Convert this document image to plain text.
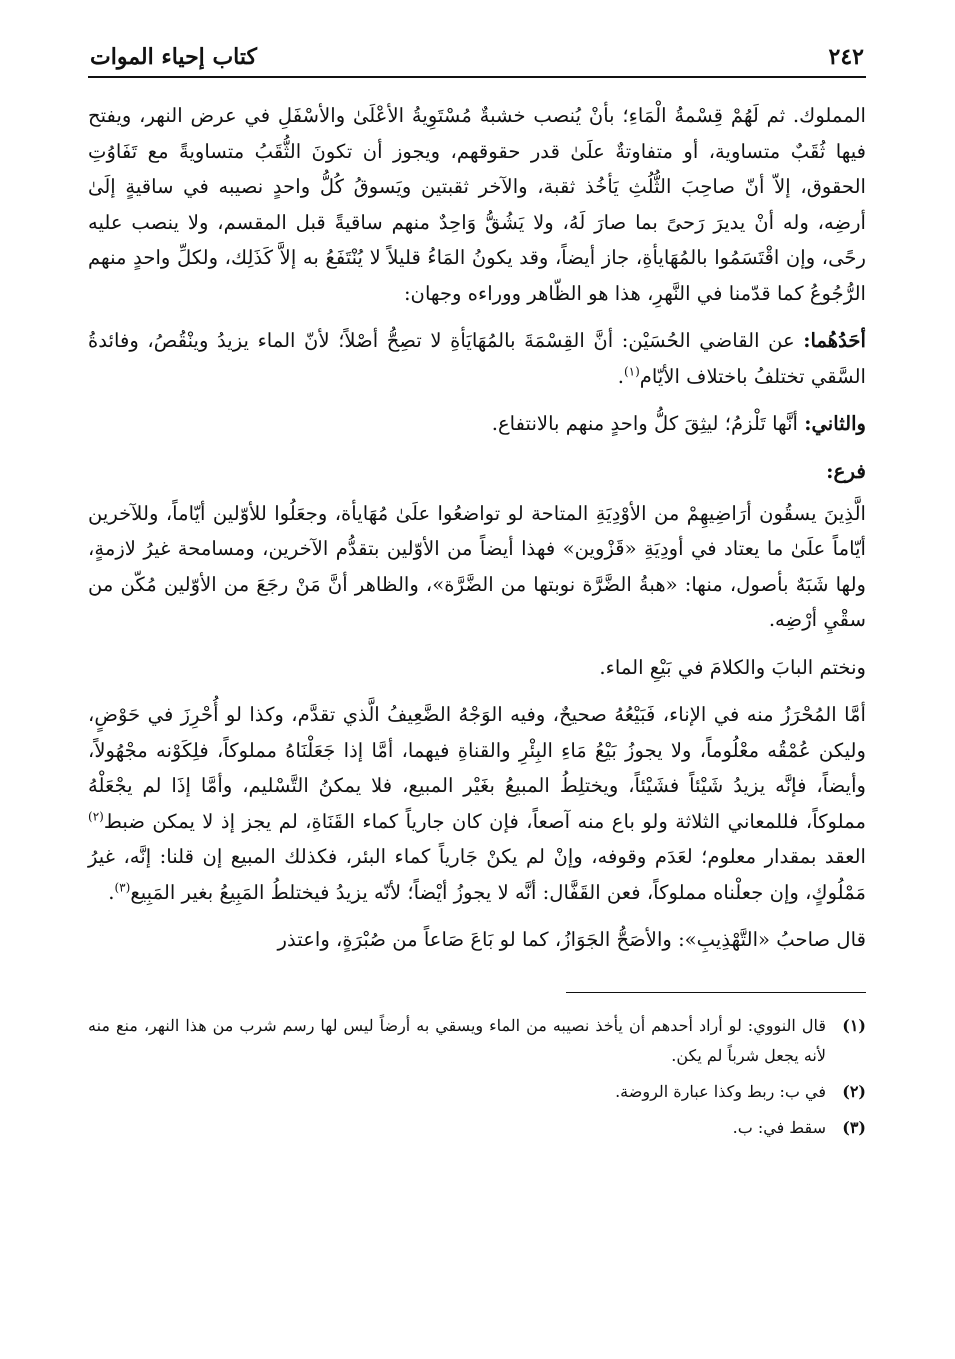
٢٤٢
كتاب إحياء الموات

المملوك. ثم لَهُمْ قِسْمةُ الْمَاءِ؛ بأنْ يُنصب خشبةٌ مُسْتَوِيةُ الأعْلَىٰ والأسْفَلِ في عرض النهر، ويفتح فيها ثُقَبٌ متساوية، أو متفاوتةٌ علَىٰ قدر حقوقهم، ويجوز أن تكونَ الثُّقَبُ متساويةً مع تَفَاوُتِ الحقوق، إلاّ أنّ صاحِبَ الثُّلُثِ يَأخُذ ثقبة، والآخر ثقبتين ويَسوقُ كُلُّ واحدٍ نصيبه في ساقيةٍ إلَىٰ أرضِه، وله أنْ يديرَ رَحىً بما صارَ لَهُ، ولا يَشُقُّ وَاحِدٌ منهم ساقيةً قبل المقسم، ولا ينصب عليه رحًى، وإن اقْتَسَمُوا بالمُهَايأةِ، جاز أيضاً، وقد يكونُ المَاءُ قليلاً لا يُنْتَفَعُ به إلاَّ كَذَلِك، ولكلِّ واحدٍ منهم الرُّجُوعُ كما قدّمنا في النَّهرِ، هذا هو الظّاهر ووراءه وجهان:

أحَدُهُما: عن القاضي الحُسَيْن: أنَّ القِسْمَةَ بالمُهَايَأةِ لا تصِحُّ أصْلاً؛ لأنّ الماء يزيدُ وينْقُصُ، وفائدةُ السَّقي تختلفُ باختلاف الأيّام$^{(١)}$.

والثاني: أنَّها تَلْزمُ؛ ليثِقَ كلُّ واحدٍ منهم بالانتفاع.

فرع:

الَّذِينَ يسقُون أرَاضِيهِمْ من الأوْدِيَةِ المتاحة لو تواضعُوا علَىٰ مُهَايأة، وجعَلُوا للأوّلين أيّاماً، وللآخرين أيّاماً علَىٰ ما يعتاد في أودِيَةِ «قَزْوين» فهذا أيضاً من الأوّلين بتقدُّم الآخرين، ومسامحة غيرُ لازمةٍ، ولها شَبَهٌ بأصول، منها: «هبةُ الضَّرَّة نوبتها من الضَّرَّة»، والظاهر أنَّ مَنْ رجَعَ من الأوّلين مُكّن من سقْيِ أرْضِه.

ونختم البابَ والكلامَ في بَيْعِ الماء.

أمَّا المُحْرَزُ منه في الإناء، فَبَيْعُهُ صحيحٌ، وفيه الوَجْهُ الضَّعِيفُ الَّذي تقدَّم، وكذا لو أُحْرِزَ في حَوْضٍ، وليكن عُمْقُه معْلُوماً، ولا يجوزُ بَيْعُ مَاءِ البِئْرِ والقناةِ فيهما، أمَّا إذا جَعَلْنَاهُ مملوكاً، فلِكَوْنه مجْهُولاً، وأيضاً، فإنَّه يزيدُ شَيْئاً فشَيْئاً، ويختلِطُ المبيعُ بغَيْر المبيع، فلا يمكنُ التَّسْليم، وأمَّا إذَا لم يجْعَلْهُ مملوكاً، فللمعاني الثلاثة ولو باع منه آصعاً، فإن كان جارياً كماء القَنَاةِ، لم يجز إذ لا يمكن ضبط$^{(٢)}$ العقد بمقدار معلوم؛ لعَدَم وقوفه، وإنْ لم يكنْ جَارياً كماء البئر، فكذلك المبيع إن قلنا: إنَّه، غيرُ مَمْلُوكٍ، وإن جعلْناه مملوكاً، فعن القَفَّال: أنَّه لا يجوزُ أيْضاً؛ لأنّه يزيدُ فيختلطُ المَبِيعُ بغير المَبِيع$^{(٣)}$.

قال صاحبُ «التَّهْذِيبِ»: والأصَحُّ الجَوَازُ، كما لو بَاعَ صَاعاً من صُبْرَةٍ، واعتذر

(١)
قال النووي: لو أراد أحدهم أن يأخذ نصيبه من الماء ويسقي به أرضاً ليس لها رسم شرب من هذا النهر، منع منه لأنه يجعل شرباً لم يكن.
(٢)
في ب: ربط وكذا عبارة الروضة.
(٣)
سقط في: ب.
